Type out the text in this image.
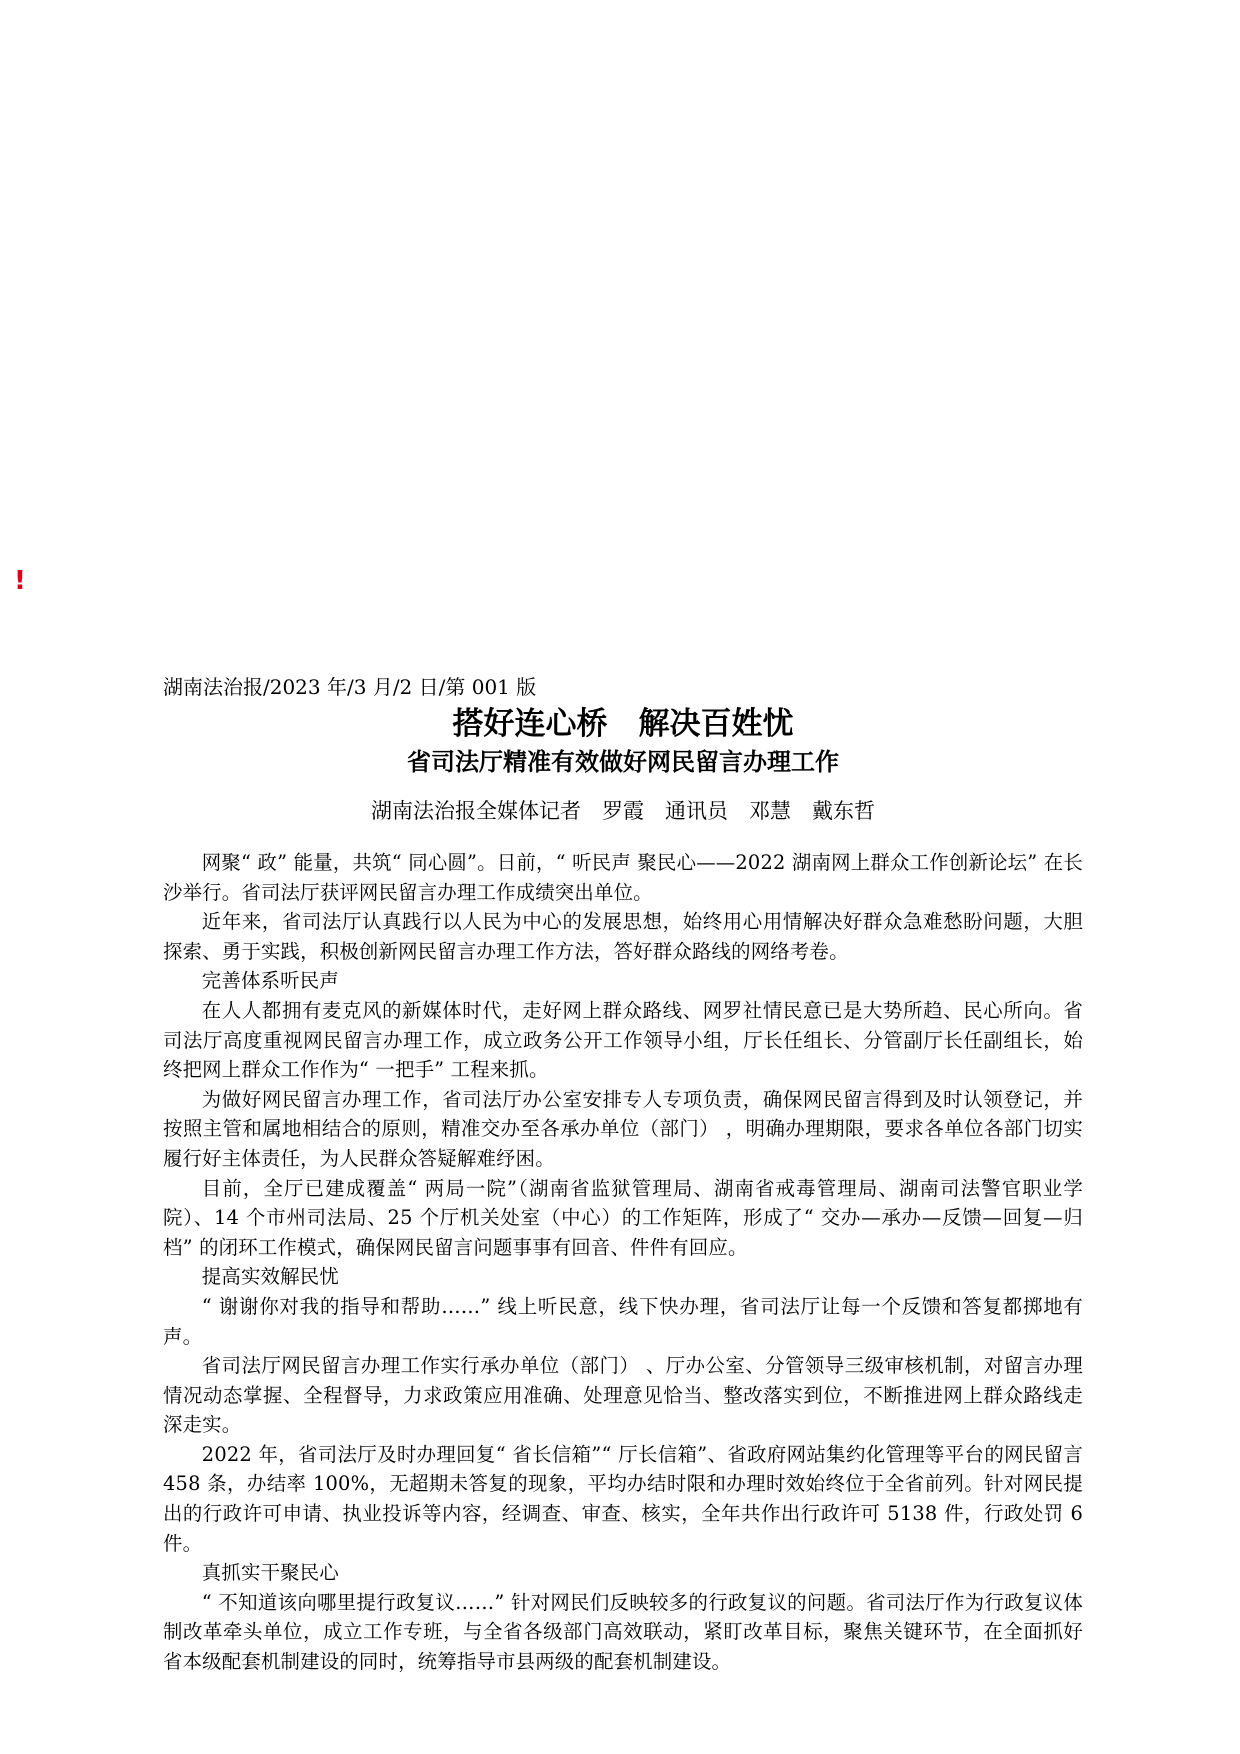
!
湖南法治报/2023 年/3 月/2 日/第 001 版
搭好连心桥　解决百姓忧
省司法厅精准有效做好网民留言办理工作
湖南法治报全媒体记者　罗霞　通讯员　邓慧　戴东哲

网聚“ 政” 能量，共筑“ 同心圆”。日前，“ 听民声 聚民心——2022 湖南网上群众工作创新论坛” 在长沙举行。省司法厅获评网民留言办理工作成绩突出单位。

近年来，省司法厅认真践行以人民为中心的发展思想，始终用心用情解决好群众急难愁盼问题，大胆探索、勇于实践，积极创新网民留言办理工作方法，答好群众路线的网络考卷。

完善体系听民声

在人人都拥有麦克风的新媒体时代，走好网上群众路线、网罗社情民意已是大势所趋、民心所向。省司法厅高度重视网民留言办理工作，成立政务公开工作领导小组，厅长任组长、分管副厅长任副组长，始终把网上群众工作作为“ 一把手” 工程来抓。

为做好网民留言办理工作，省司法厅办公室安排专人专项负责，确保网民留言得到及时认领登记，并按照主管和属地相结合的原则，精准交办至各承办单位（部门） ，明确办理期限，要求各单位各部门切实履行好主体责任，为人民群众答疑解难纾困。

目前，全厅已建成覆盖“ 两局一院”（湖南省监狱管理局、湖南省戒毒管理局、湖南司法警官职业学院）、14 个市州司法局、25 个厅机关处室（中心）的工作矩阵，形成了“ 交办—承办—反馈—回复—归档” 的闭环工作模式，确保网民留言问题事事有回音、件件有回应。

提高实效解民忧

“ 谢谢你对我的指导和帮助……” 线上听民意，线下快办理，省司法厅让每一个反馈和答复都掷地有声。

省司法厅网民留言办理工作实行承办单位（部门） 、厅办公室、分管领导三级审核机制，对留言办理情况动态掌握、全程督导，力求政策应用准确、处理意见恰当、整改落实到位，不断推进网上群众路线走深走实。

2022 年，省司法厅及时办理回复“ 省长信箱”“ 厅长信箱”、省政府网站集约化管理等平台的网民留言 458 条，办结率 100%，无超期未答复的现象，平均办结时限和办理时效始终位于全省前列。针对网民提出的行政许可申请、执业投诉等内容，经调查、审查、核实，全年共作出行政许可 5138 件，行政处罚 6 件。

真抓实干聚民心

“ 不知道该向哪里提行政复议……” 针对网民们反映较多的行政复议的问题。省司法厅作为行政复议体制改革牵头单位，成立工作专班，与全省各级部门高效联动，紧盯改革目标，聚焦关键环节，在全面抓好省本级配套机制建设的同时，统筹指导市县两级的配套机制建设。
